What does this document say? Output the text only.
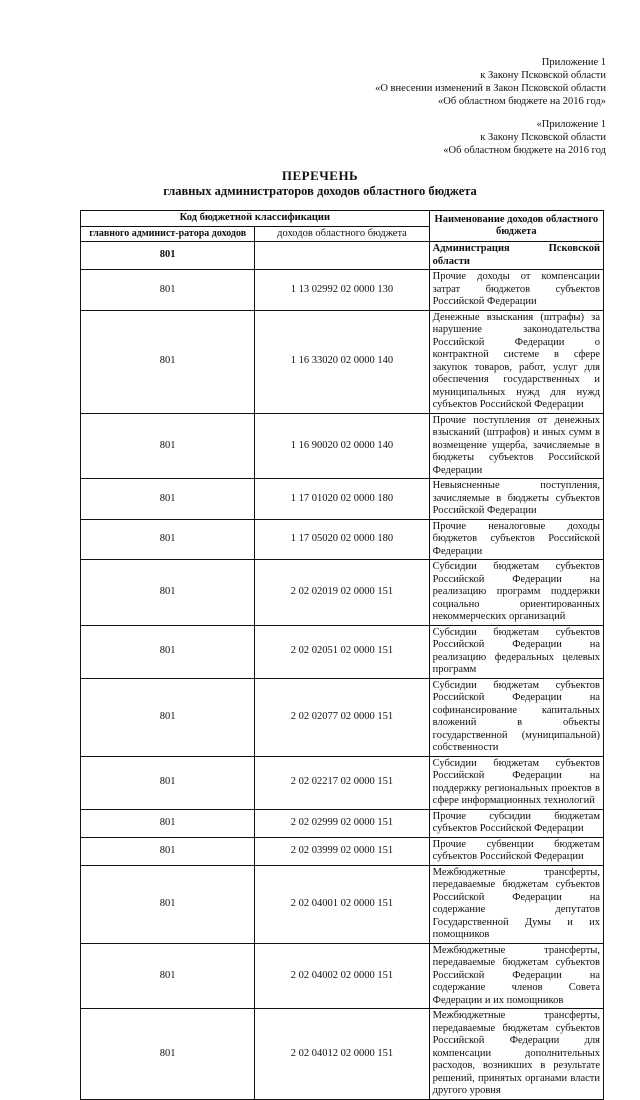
Приложение 1
к Закону Псковской области
«О внесении изменений в Закон Псковской области
«Об областном бюджете на 2016 год»
«Приложение 1
к Закону Псковской области
«Об областном бюджете на 2016 год
ПЕРЕЧЕНЬ
главных администраторов доходов областного бюджета
Код бюджетной классификации		Наименование доходов областного бюджета
главного админист-ратора доходов	доходов областного бюджета	
801		Администрация Псковской области
801	1 13 02992 02 0000 130	Прочие доходы от компенсации затрат бюджетов субъектов Российской Федерации
801	1 16 33020 02 0000 140	Денежные взыскания (штрафы) за нарушение законодательства Российской Федерации о контрактной системе в сфере закупок товаров, работ, услуг для обеспечения государственных и муниципальных нужд для нужд субъектов Российской Федерации
801	1 16 90020 02 0000 140	Прочие поступления от денежных взысканий (штрафов) и иных сумм в возмещение ущерба, зачисляемые в бюджеты субъектов Российской Федерации
801	1 17 01020 02 0000 180	Невыясненные поступления, зачисляемые в бюджеты субъектов Российской Федерации
801	1 17 05020 02 0000 180	Прочие неналоговые доходы бюджетов субъектов Российской Федерации
801	2 02 02019 02 0000 151	Субсидии бюджетам субъектов Российской Федерации на реализацию программ поддержки социально ориентированных некоммерческих организаций
801	2 02 02051 02 0000 151	Субсидии бюджетам субъектов Российской Федерации на реализацию федеральных целевых программ
801	2 02 02077 02 0000 151	Субсидии бюджетам субъектов Российской Федерации на софинансирование капитальных вложений в объекты государственной (муниципальной) собственности
801	2 02 02217 02 0000 151	Субсидии бюджетам субъектов Российской Федерации на поддержку региональных проектов в сфере информационных технологий
801	2 02 02999 02 0000 151	Прочие субсидии бюджетам субъектов Российской Федерации
801	2 02 03999 02 0000 151	Прочие субвенции бюджетам субъектов Российской Федерации
801	2 02 04001 02 0000 151	Межбюджетные трансферты, передаваемые бюджетам субъектов Российской Федерации на содержание депутатов Государственной Думы и их помощников
801	2 02 04002 02 0000 151	Межбюджетные трансферты, передаваемые бюджетам субъектов Российской Федерации на содержание членов Совета Федерации и их помощников
801	2 02 04012 02 0000 151	Межбюджетные трансферты, передаваемые бюджетам субъектов Российской Федерации для компенсации дополнительных расходов, возникших в результате решений, принятых органами власти другого уровня
